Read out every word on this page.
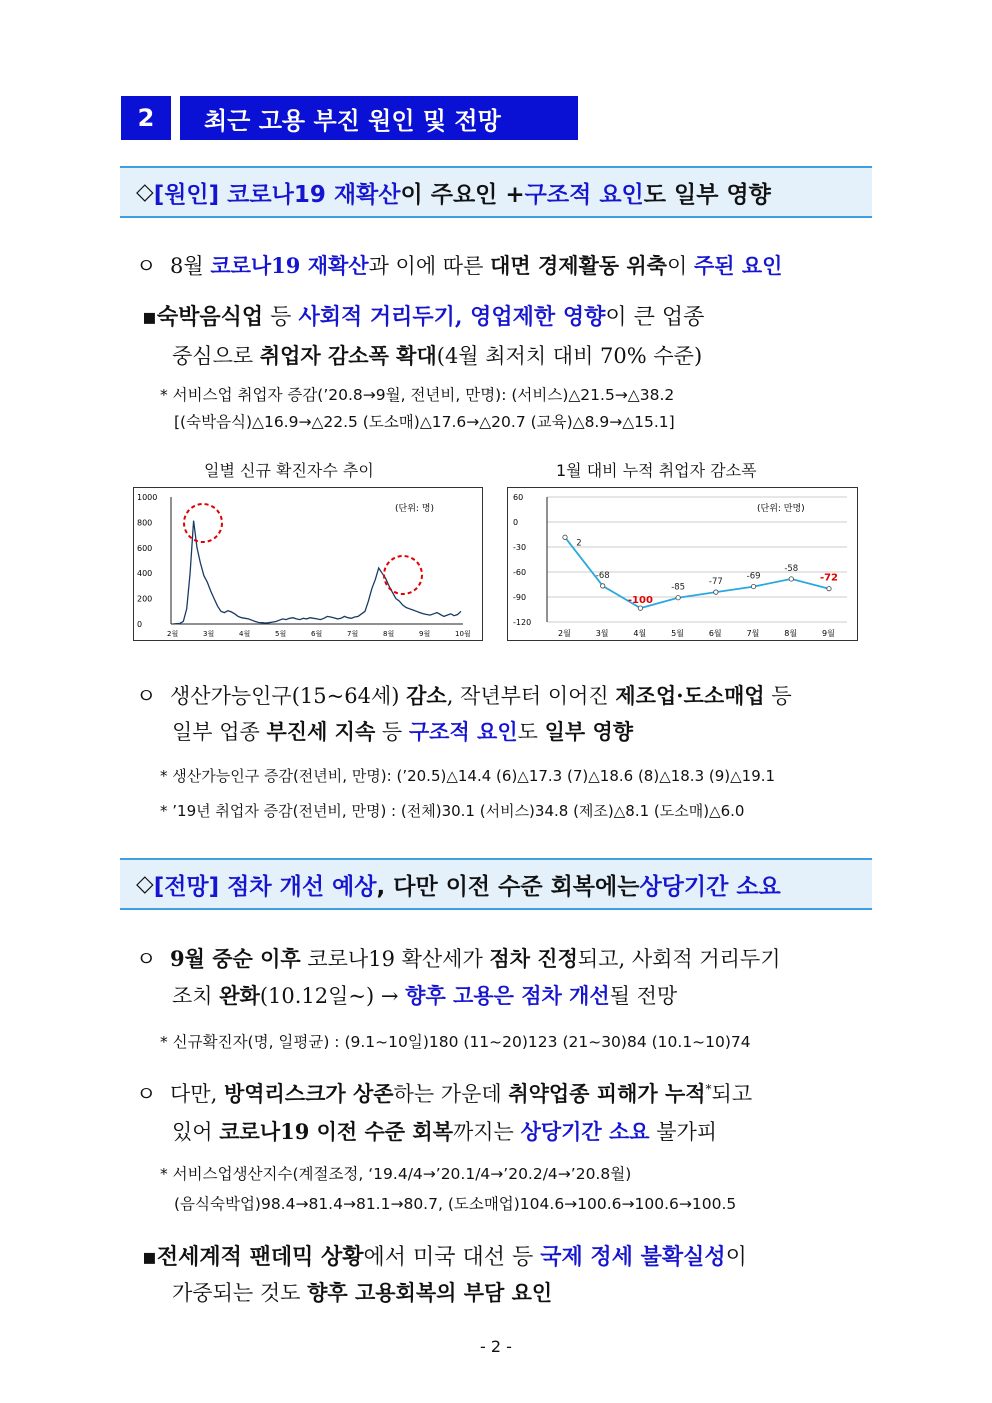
2	최근 고용 부진 원인 및 전망
◇ [원인] 코로나19 재확산 이 주요인 + 구조적 요인 도 일부 영향
ㅇ 8월 코로나19 재확산과 이에 따른 대면 경제활동 위축이 주된 요인
▪숙박음식업 등 사회적 거리두기, 영업제한 영향이 큰 업종
중심으로 취업자 감소폭 확대(4월 최저치 대비 70% 수준)
* 서비스업 취업자 증감(’20.8→9월, 전년비, 만명): (서비스)△21.5→△38.2
[(숙박음식)△16.9→△22.5 (도소매)△17.6→△20.7 (교육)△8.9→△15.1]
일별 신규 확진자수 추이	1월 대비 누적 취업자 감소폭
1000
800
600
400
200
0
2월	3월	4월	5월	6월	7월	8월	9월	10월
(단위: 명)
60
0
-30
-60
-90
-120
2월	3월	4월	5월	6월	7월	8월	9월
2
-68
-100
-85
-77
-69
-58
-72
(단위: 만명)
ㅇ 생산가능인구(15~64세) 감소, 작년부터 이어진 제조업·도소매업 등
일부 업종 부진세 지속 등 구조적 요인도 일부 영향
* 생산가능인구 증감(전년비, 만명): (’20.5)△14.4 (6)△17.3 (7)△18.6 (8)△18.3 (9)△19.1
* ’19년 취업자 증감(전년비, 만명) : (전체)30.1 (서비스)34.8 (제조)△8.1 (도소매)△6.0
◇ [전망] 점차 개선 예상 , 다만 이전 수준 회복에는 상당기간 소요
ㅇ 9월 중순 이후 코로나19 확산세가 점차 진정되고, 사회적 거리두기
조치 완화(10.12일~) → 향후 고용은 점차 개선될 전망
* 신규확진자(명, 일평균) : (9.1~10일)180 (11~20)123 (21~30)84 (10.1~10)74
ㅇ 다만, 방역리스크가 상존하는 가운데 취약업종 피해가 누적*되고
있어 코로나19 이전 수준 회복까지는 상당기간 소요 불가피
* 서비스업생산지수(계절조정, ‘19.4/4→’20.1/4→’20.2/4→’20.8월)
(음식숙박업)98.4→81.4→81.1→80.7, (도소매업)104.6→100.6→100.6→100.5
▪전세계적 팬데믹 상황에서 미국 대선 등 국제 정세 불확실성이
가중되는 것도 향후 고용회복의 부담 요인
- 2 -
